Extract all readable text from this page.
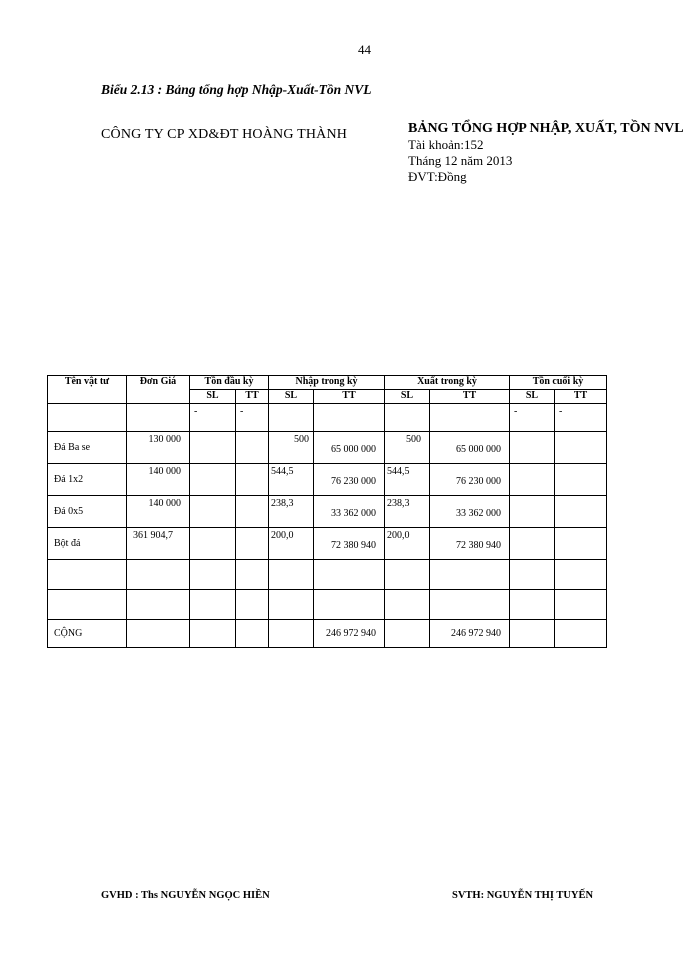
44
Biểu 2.13 : Bảng tổng hợp Nhập-Xuất-Tồn NVL
CÔNG TY CP XD&ĐT HOÀNG THÀNH	BẢNG TỔNG HỢP NHẬP, XUẤT, TỒN NVL
Tài khoản:152
Tháng 12 năm 2013
ĐVT:Đồng
Tên vật tư	Đơn Giá	Tồn đầu kỳ		Nhập trong kỳ		Xuất trong kỳ		Tồn cuối kỳ	
		SL	TT	SL	TT	SL	TT	SL	TT
		-	-					-	-
Đá Ba se	130 000			500	65 000 000	500	65 000 000		
Đá 1x2	140 000			544,5	76 230 000	544,5	76 230 000		
Đá 0x5	140 000			238,3	33 362 000	238,3	33 362 000		
Bột đá	361 904,7			200,0	72 380 940	200,0	72 380 940		

CỘNG					246 972 940		246 972 940		
GVHD : Ths NGUYỄN NGỌC HIỀN	SVTH: NGUYỄN THỊ TUYẾN
